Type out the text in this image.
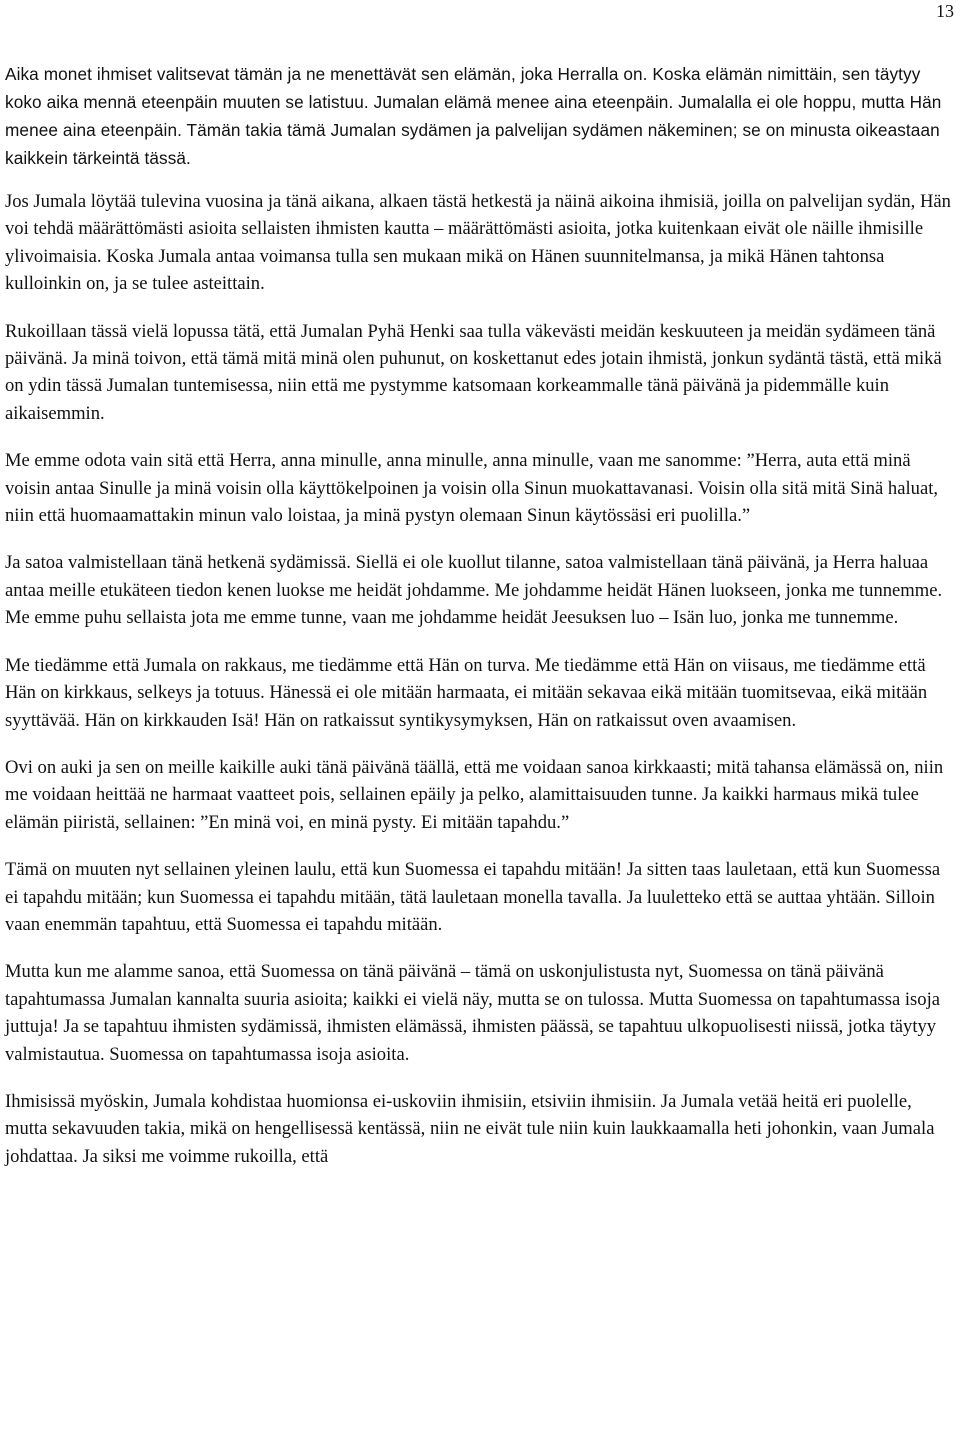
13

Aika monet ihmiset valitsevat tämän ja ne menettävät sen elämän, joka Herralla on. Koska elämän nimittäin, sen täytyy koko aika mennä eteenpäin muuten se latistuu. Jumalan elämä menee aina eteenpäin. Jumalalla ei ole hoppu, mutta Hän menee aina eteenpäin. Tämän takia tämä Jumalan sydämen ja palvelijan sydämen näkeminen; se on minusta oikeastaan kaikkein tärkeintä tässä.

Jos Jumala löytää tulevina vuosina ja tänä aikana, alkaen tästä hetkestä ja näinä aikoina ihmisiä, joilla on palvelijan sydän, Hän voi tehdä määrättömästi asioita sellaisten ihmisten kautta – määrättömästi asioita, jotka kuitenkaan eivät ole näille ihmisille ylivoimaisia. Koska Jumala antaa voimansa tulla sen mukaan mikä on Hänen suunnitelmansa, ja mikä Hänen tahtonsa kulloinkin on, ja se tulee asteittain.

Rukoillaan tässä vielä lopussa tätä, että Jumalan Pyhä Henki saa tulla väkevästi meidän keskuuteen ja meidän sydämeen tänä päivänä. Ja minä toivon, että tämä mitä minä olen puhunut, on koskettanut edes jotain ihmistä, jonkun sydäntä tästä, että mikä on ydin tässä Jumalan tuntemisessa, niin että me pystymme katsomaan korkeammalle tänä päivänä ja pidemmälle kuin aikaisemmin.

Me emme odota vain sitä että Herra, anna minulle, anna minulle, anna minulle, vaan me sanomme: ”Herra, auta että minä voisin antaa Sinulle ja minä voisin olla käyttökelpoinen ja voisin olla Sinun muokattavanasi. Voisin olla sitä mitä Sinä haluat, niin että huomaamattakin minun valo loistaa, ja minä pystyn olemaan Sinun käytössäsi eri puolilla.”

Ja satoa valmistellaan tänä hetkenä sydämissä. Siellä ei ole kuollut tilanne, satoa valmistellaan tänä päivänä, ja Herra haluaa antaa meille etukäteen tiedon kenen luokse me heidät johdamme. Me johdamme heidät Hänen luokseen, jonka me tunnemme. Me emme puhu sellaista jota me emme tunne, vaan me johdamme heidät Jeesuksen luo – Isän luo, jonka me tunnemme.

Me tiedämme että Jumala on rakkaus, me tiedämme että Hän on turva. Me tiedämme että Hän on viisaus, me tiedämme että Hän on kirkkaus, selkeys ja totuus. Hänessä ei ole mitään harmaata, ei mitään sekavaa eikä mitään tuomitsevaa, eikä mitään syyttävää. Hän on kirkkauden Isä! Hän on ratkaissut syntikysymyksen, Hän on ratkaissut oven avaamisen.

Ovi on auki ja sen on meille kaikille auki tänä päivänä täällä, että me voidaan sanoa kirkkaasti; mitä tahansa elämässä on, niin me voidaan heittää ne harmaat vaatteet pois, sellainen epäily ja pelko, alamittaisuuden tunne. Ja kaikki harmaus mikä tulee elämän piiristä, sellainen: ”En minä voi, en minä pysty. Ei mitään tapahdu.”

Tämä on muuten nyt sellainen yleinen laulu, että kun Suomessa ei tapahdu mitään! Ja sitten taas lauletaan, että kun Suomessa ei tapahdu mitään; kun Suomessa ei tapahdu mitään, tätä lauletaan monella tavalla. Ja luuletteko että se auttaa yhtään. Silloin vaan enemmän tapahtuu, että Suomessa ei tapahdu mitään.

Mutta kun me alamme sanoa, että Suomessa on tänä päivänä – tämä on uskonjulistusta nyt, Suomessa on tänä päivänä tapahtumassa Jumalan kannalta suuria asioita; kaikki ei vielä näy, mutta se on tulossa. Mutta Suomessa on tapahtumassa isoja juttuja! Ja se tapahtuu ihmisten sydämissä, ihmisten elämässä, ihmisten päässä, se tapahtuu ulkopuolisesti niissä, jotka täytyy valmistautua. Suomessa on tapahtumassa isoja asioita.

Ihmisissä myöskin, Jumala kohdistaa huomionsa ei-uskoviin ihmisiin, etsiviin ihmisiin. Ja Jumala vetää heitä eri puolelle, mutta sekavuuden takia, mikä on hengellisessä kentässä, niin ne eivät tule niin kuin laukkaamalla heti johonkin, vaan Jumala johdattaa. Ja siksi me voimme rukoilla, että
